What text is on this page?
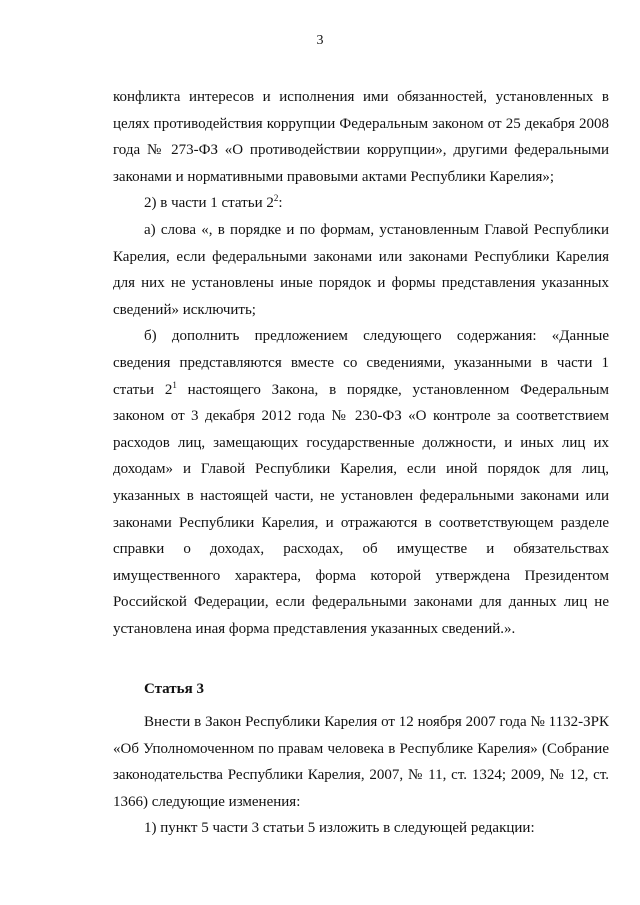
3

конфликта интересов и исполнения ими обязанностей, установленных в целях противодействия коррупции Федеральным законом от 25 декабря 2008 года № 273-ФЗ «О противодействии коррупции», другими федеральными законами и нормативными правовыми актами Республики Карелия»;

2) в части 1 статьи $2^2$:

а) слова «, в порядке и по формам, установленным Главой Республики Карелия, если федеральными законами или законами Республики Карелия для них не установлены иные порядок и формы представления указанных сведений» исключить;

б) дополнить предложением следующего содержания: «Данные сведения представляются вместе со сведениями, указанными в части 1 статьи $2^1$ настоящего Закона, в порядке, установленном Федеральным законом от 3 декабря 2012 года № 230-ФЗ «О контроле за соответствием расходов лиц, замещающих государственные должности, и иных лиц их доходам» и Главой Республики Карелия, если иной порядок для лиц, указанных в настоящей части, не установлен федеральными законами или законами Республики Карелия, и отражаются в соответствующем разделе справки о доходах, расходах, об имуществе и обязательствах имущественного характера, форма которой утверждена Президентом Российской Федерации, если федеральными законами для данных лиц не установлена иная форма представления указанных сведений.».

Статья 3

Внести в Закон Республики Карелия от 12 ноября 2007 года № 1132-ЗРК «Об Уполномоченном по правам человека в Республике Карелия» (Собрание законодательства Республики Карелия, 2007, № 11, ст. 1324; 2009, № 12, ст. 1366) следующие изменения:

1) пункт 5 части 3 статьи 5 изложить в следующей редакции:
